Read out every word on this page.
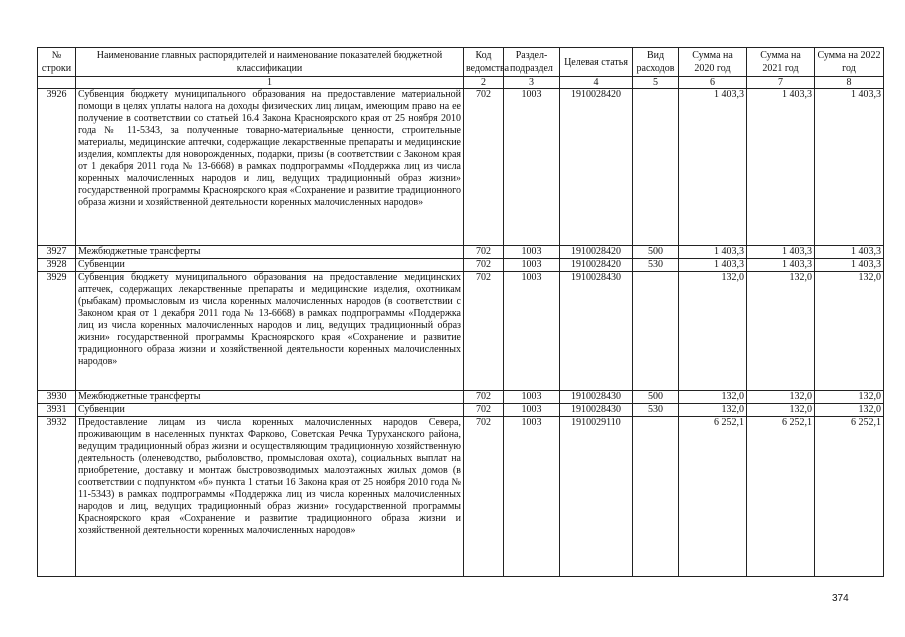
№ строки	Наименование главных распорядителей и наименование показателей бюджетной классификации	Код ведомства	Раздел-подраздел	Целевая статья	Вид расходов	Сумма на 2020 год	Сумма на 2021 год	Сумма на 2022 год
	1	2	3	4	5	6	7	8
3926	Субвенция бюджету муниципального образования на предоставление материальной помощи в целях уплаты налога на доходы физических лиц лицам, имеющим право на ее получение в соответствии со статьей 16.4 Закона Красноярского края от 25 ноября 2010 года № 11-5343, за полученные товарно-материальные ценности, строительные материалы, медицинские аптечки, содержащие лекарственные препараты и медицинские изделия, комплекты для новорожденных, подарки, призы (в соответствии с Законом края от 1 декабря 2011 года № 13-6668) в рамках подпрограммы «Поддержка лиц из числа коренных малочисленных народов и лиц, ведущих традиционный образ жизни» государственной программы Красноярского края «Сохранение и развитие традиционного образа жизни и хозяйственной деятельности коренных малочисленных народов»	702	1003	1910028420		1 403,3	1 403,3	1 403,3
3927	Межбюджетные трансферты	702	1003	1910028420	500	1 403,3	1 403,3	1 403,3
3928	Субвенции	702	1003	1910028420	530	1 403,3	1 403,3	1 403,3
3929	Субвенция бюджету муниципального образования на предоставление медицинских аптечек, содержащих лекарственные препараты и медицинские изделия, охотникам (рыбакам) промысловым из числа коренных малочисленных народов (в соответствии с Законом края от 1 декабря 2011 года № 13-6668) в рамках подпрограммы «Поддержка лиц из числа коренных малочисленных народов и лиц, ведущих традиционный образ жизни» государственной программы Красноярского края «Сохранение и развитие традиционного образа жизни и хозяйственной деятельности коренных малочисленных народов»	702	1003	1910028430		132,0	132,0	132,0
3930	Межбюджетные трансферты	702	1003	1910028430	500	132,0	132,0	132,0
3931	Субвенции	702	1003	1910028430	530	132,0	132,0	132,0
3932	Предоставление лицам из числа коренных малочисленных народов Севера, проживающим в населенных пунктах Фарково, Советская Речка Туруханского района, ведущим традиционный образ жизни и осуществляющим традиционную хозяйственную деятельность (оленеводство, рыболовство, промысловая охота), социальных выплат на приобретение, доставку и монтаж быстровозводимых малоэтажных жилых домов (в соответствии с подпунктом «б» пункта 1 статьи 16 Закона края от 25 ноября 2010 года № 11-5343) в рамках подпрограммы «Поддержка лиц из числа коренных малочисленных народов и лиц, ведущих традиционный образ жизни» государственной программы Красноярского края «Сохранение и развитие традиционного образа жизни и хозяйственной деятельности коренных малочисленных народов»	702	1003	1910029110		6 252,1	6 252,1	6 252,1
374
